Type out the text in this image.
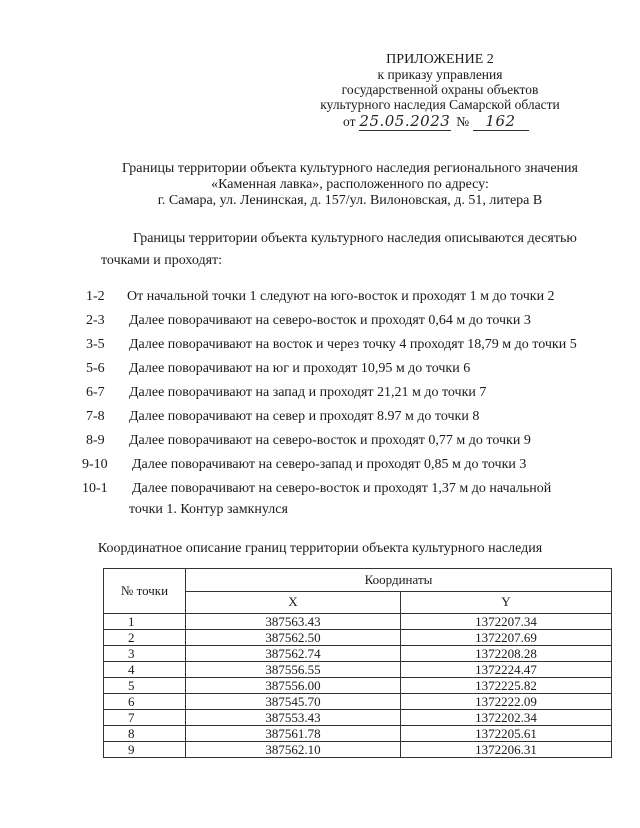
ПРИЛОЖЕНИЕ 2
к приказу управления
государственной охраны объектов
культурного наследия Самарской области
от 25.05.2023 № 162
Границы территории объекта культурного наследия регионального значения
«Каменная лавка», расположенного по адресу:
г. Самара, ул. Ленинская, д. 157/ул. Вилоновская, д. 51, литера В
Границы территории объекта культурного наследия описываются десятью
точками и проходят:
1-2 От начальной точки 1 следуют на юго-восток и проходят 1 м до точки 2
2-3 Далее поворачивают на северо-восток и проходят 0,64 м до точки 3
3-5 Далее поворачивают на восток и через точку 4 проходят 18,79 м до точки 5
5-6 Далее поворачивают на юг и проходят 10,95 м до точки 6
6-7 Далее поворачивают на запад и проходят 21,21 м до точки 7
7-8 Далее поворачивают на север и проходят 8.97 м до точки 8
8-9 Далее поворачивают на северо-восток и проходят 0,77 м до точки 9
9-10 Далее поворачивают на северо-запад и проходят 0,85 м до точки 3
10-1 Далее поворачивают на северо-восток и проходят 1,37 м до начальной
точки 1. Контур замкнулся
Координатное описание границ территории объекта культурного наследия
№ точки	Координаты	
	X	Y
1	387563.43	1372207.34
2	387562.50	1372207.69
3	387562.74	1372208.28
4	387556.55	1372224.47
5	387556.00	1372225.82
6	387545.70	1372222.09
7	387553.43	1372202.34
8	387561.78	1372205.61
9	387562.10	1372206.31
